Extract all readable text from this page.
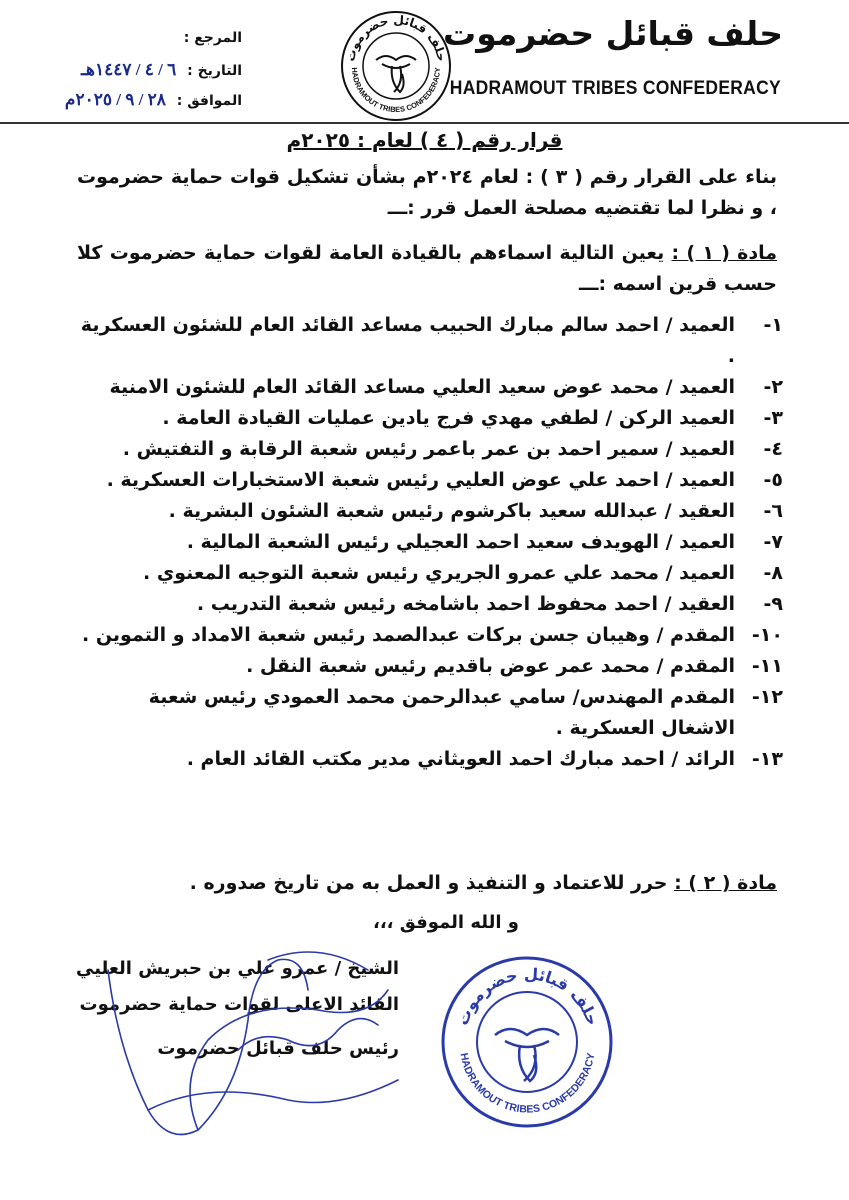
حلف قبائل حضرموت
HADRAMOUT TRIBES CONFEDERACY
حلف قبائل حضرموت
HADRAMOUT TRIBES CONFEDERACY
المرجع :
التاريخ : ٦ / ٤ / ١٤٤٧هـ
الموافق : ٢٨ / ٩ / ٢٠٢٥م
قرار رقم ( ٤ ) لعام : ٢٠٢٥م
بناء على القرار رقم ( ٣ ) : لعام ٢٠٢٤م بشأن تشكيل قوات حماية حضرموت ، و نظرا لما تقتضيه مصلحة العمل قرر :ـــ
مادة ( ١ ) : يعين التالية اسماءهم بالقيادة العامة لقوات حماية حضرموت كلا حسب قرين اسمه :ـــ
١-
العميد / احمد سالم مبارك الحبيب مساعد القائد العام للشئون العسكرية .
٢-
العميد / محمد عوض سعيد العليي مساعد القائد العام للشئون الامنية
٣-
العميد الركن / لطفي مهدي فرج يادين عمليات القيادة العامة .
٤-
العميد / سمير احمد بن عمر باعمر رئيس شعبة الرقابة و التفتيش .
٥-
العميد / احمد علي عوض العليي رئيس شعبة الاستخبارات العسكرية .
٦-
العقيد / عبدالله سعيد باكرشوم رئيس شعبة الشئون البشرية .
٧-
العميد / الهويدف سعيد احمد العجيلي رئيس الشعبة المالية .
٨-
العميد / محمد علي عمرو الجريري رئيس شعبة التوجيه المعنوي .
٩-
العقيد / احمد محفوظ احمد باشامخه رئيس شعبة التدريب .
١٠-
المقدم / وهيبان جسن بركات عبدالصمد رئيس شعبة الامداد و التموين .
١١-
المقدم / محمد عمر عوض باقديم رئيس شعبة النقل .
١٢-
المقدم المهندس/ سامي عبدالرحمن محمد العمودي رئيس شعبة الاشغال العسكرية .
١٣-
الرائد / احمد مبارك احمد العويثاني مدير مكتب القائد العام .
مادة ( ٢ ) : حرر للاعتماد و التنفيذ و العمل به من تاريخ صدوره .
و الله الموفق ،،،
الشيخ / عمرو علي بن حبريش العليي
القائد الاعلى لقوات حماية حضرموت
رئيس حلف قبائل حضرموت
حلف قبائل حضرموت
HADRAMOUT TRIBES CONFEDERACY
